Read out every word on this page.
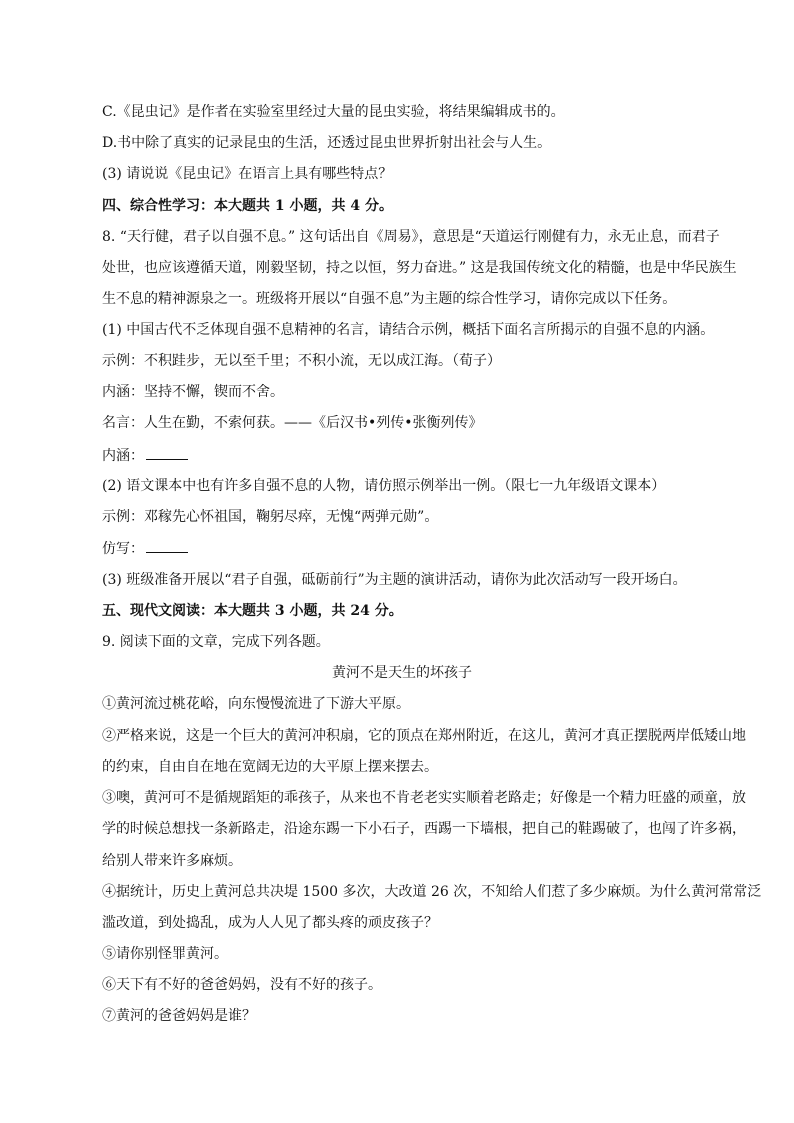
C.《昆虫记》是作者在实验室里经过大量的昆虫实验，将结果编辑成书的。
D.书中除了真实的记录昆虫的生活，还透过昆虫世界折射出社会与人生。
(3) 请说说《昆虫记》在语言上具有哪些特点？
四、综合性学习：本大题共 1 小题，共 4 分。
8. “天行健，君子以自强不息。” 这句话出自《周易》，意思是“天道运行刚健有力，永无止息，而君子
处世，也应该遵循天道，刚毅坚韧，持之以恒，努力奋进。” 这是我国传统文化的精髓，也是中华民族生
生不息的精神源泉之一。班级将开展以“自强不息”为主题的综合性学习，请你完成以下任务。
(1) 中国古代不乏体现自强不息精神的名言，请结合示例，概括下面名言所揭示的自强不息的内涵。
示例：不积跬步，无以至千里；不积小流，无以成江海。（荀子）
内涵：坚持不懈，锲而不舍。
名言：人生在勤，不索何获。——《后汉书•列传•张衡列传》
内涵：
(2) 语文课本中也有许多自强不息的人物，请仿照示例举出一例。（限七一九年级语文课本）
示例：邓稼先心怀祖国，鞠躬尽瘁，无愧“两弹元勋”。
仿写：
(3) 班级准备开展以“君子自强，砥砺前行”为主题的演讲活动，请你为此次活动写一段开场白。
五、现代文阅读：本大题共 3 小题，共 24 分。
9. 阅读下面的文章，完成下列各题。
黄河不是天生的坏孩子
①黄河流过桃花峪，向东慢慢流进了下游大平原。
②严格来说，这是一个巨大的黄河冲积扇，它的顶点在郑州附近，在这儿，黄河才真正摆脱两岸低矮山地
的约束，自由自在地在宽阔无边的大平原上摆来摆去。
③噢，黄河可不是循规蹈矩的乖孩子，从来也不肯老老实实顺着老路走；好像是一个精力旺盛的顽童，放
学的时候总想找一条新路走，沿途东踢一下小石子，西踢一下墙根，把自己的鞋踢破了，也闯了许多祸，
给别人带来许多麻烦。
④据统计，历史上黄河总共决堤 1500 多次，大改道 26 次，不知给人们惹了多少麻烦。为什么黄河常常泛
滥改道，到处捣乱，成为人人见了都头疼的顽皮孩子？
⑤请你别怪罪黄河。
⑥天下有不好的爸爸妈妈，没有不好的孩子。
⑦黄河的爸爸妈妈是谁？
